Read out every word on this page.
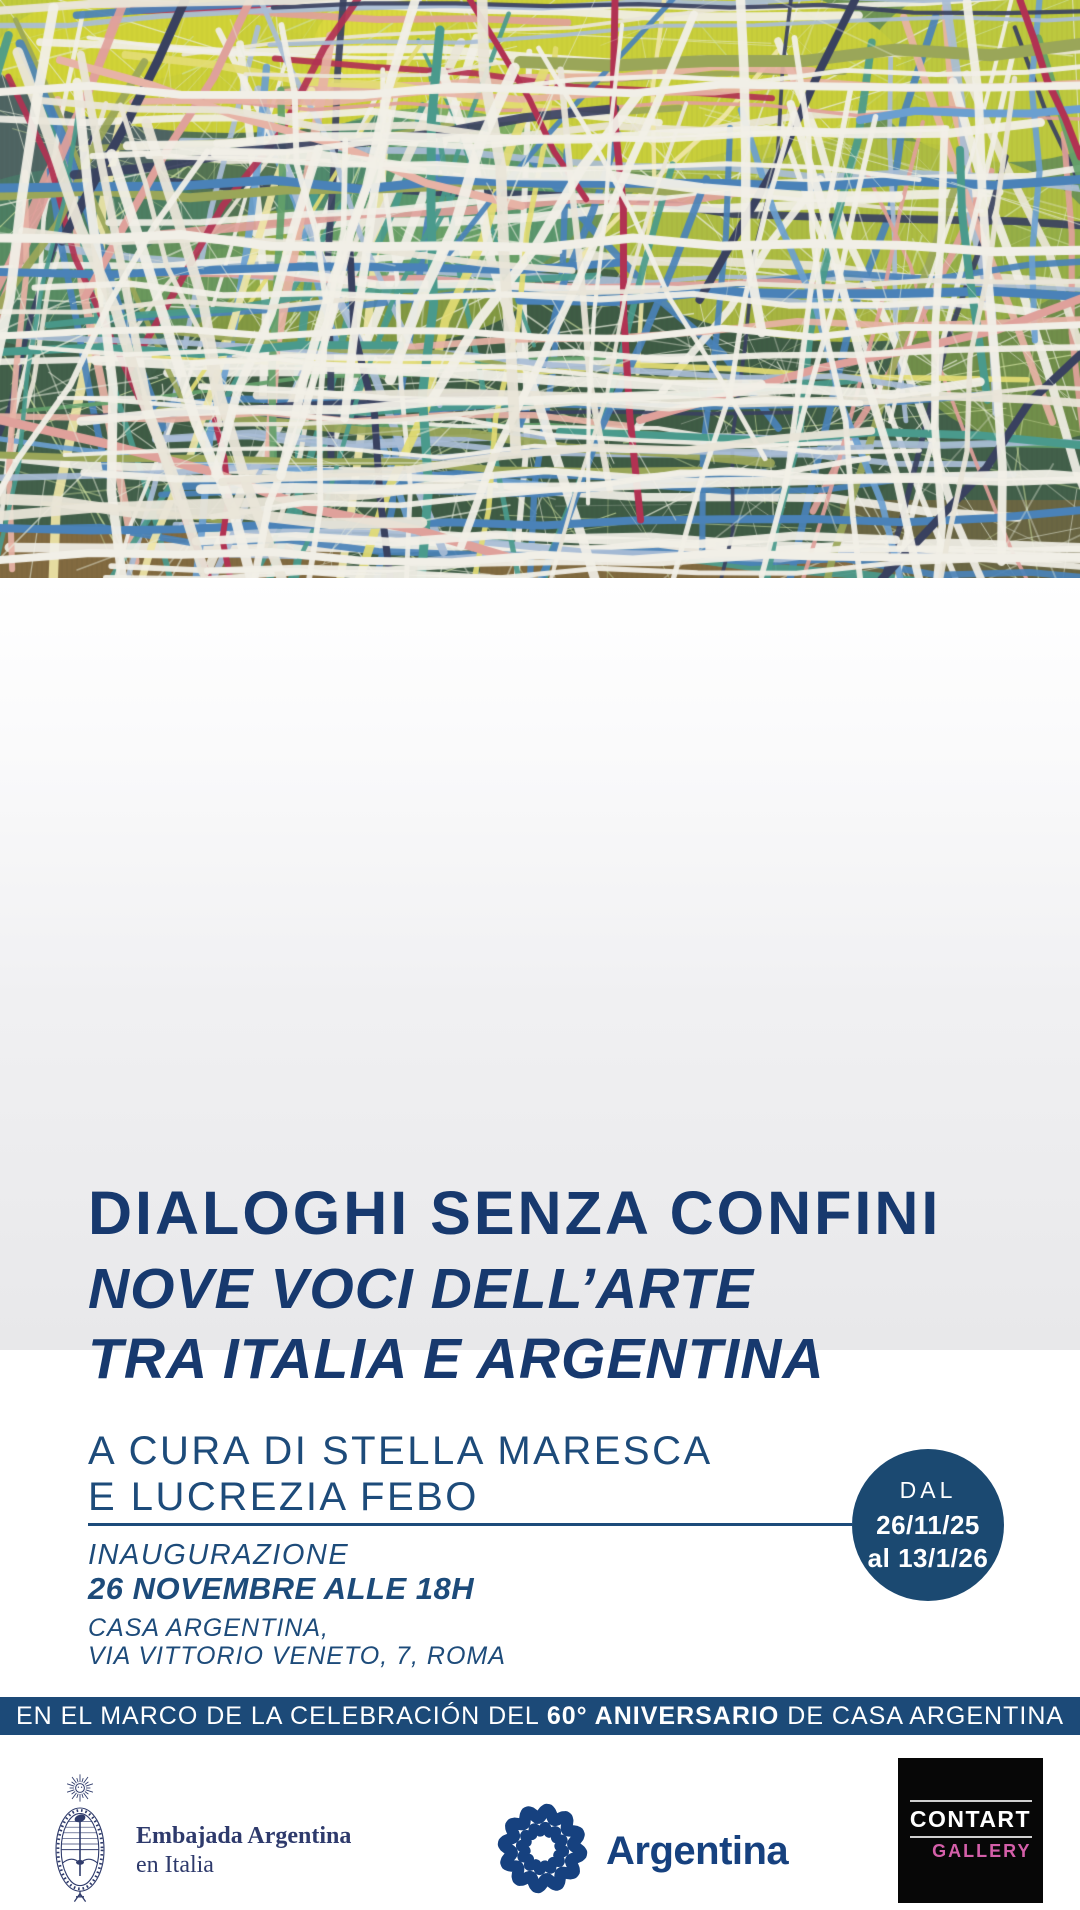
DIALOGHI SENZA CONFINI
NOVE VOCI DELL’ARTE
TRA ITALIA E ARGENTINA
A CURA DI STELLA MARESCA
E LUCREZIA FEBO	DAL
26/11/25
al 13/1/26
INAUGURAZIONE
26 NOVEMBRE ALLE 18H
CASA ARGENTINA,
VIA VITTORIO VENETO, 7, ROMA
EN EL MARCO DE LA CELEBRACIÓN DEL 60° ANIVERSARIO DE CASA ARGENTINA
Embajada Argentina
en Italia	Argentina
CONTART
GALLERY
